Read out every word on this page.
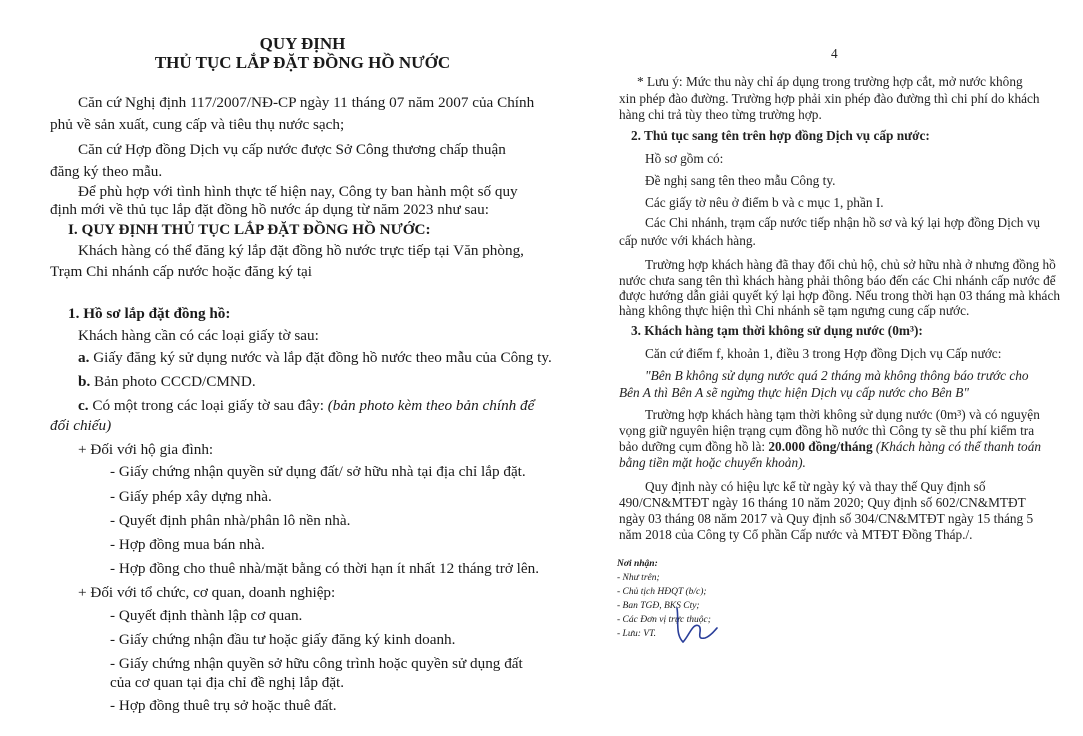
QUY ĐỊNH
THỦ TỤC LẮP ĐẶT ĐỒNG HỒ NƯỚC
Căn cứ Nghị định 117/2007/NĐ-CP ngày 11 tháng 07 năm 2007 của Chính
phủ về sản xuất, cung cấp và tiêu thụ nước sạch;
Căn cứ Hợp đồng Dịch vụ cấp nước được Sở Công thương chấp thuận
đăng ký theo mẫu.
Để phù hợp với tình hình thực tế hiện nay, Công ty ban hành một số quy
định mới về thủ tục lắp đặt đồng hồ nước áp dụng từ năm 2023 như sau:
I. QUY ĐỊNH THỦ TỤC LẮP ĐẶT ĐỒNG HỒ NƯỚC:
Khách hàng có thể đăng ký lắp đặt đồng hồ nước trực tiếp tại Văn phòng,
Trạm Chi nhánh cấp nước hoặc đăng ký tại
1. Hồ sơ lắp đặt đồng hồ:
Khách hàng cần có các loại giấy tờ sau:
a. Giấy đăng ký sử dụng nước và lắp đặt đồng hồ nước theo mẫu của Công ty.
b. Bản photo CCCD/CMND.
c. Có một trong các loại giấy tờ sau đây: (bản photo kèm theo bản chính để
đối chiếu)
+ Đối với hộ gia đình:
- Giấy chứng nhận quyền sử dụng đất/ sở hữu nhà tại địa chỉ lắp đặt.
- Giấy phép xây dựng nhà.
- Quyết định phân nhà/phân lô nền nhà.
- Hợp đồng mua bán nhà.
- Hợp đồng cho thuê nhà/mặt bằng có thời hạn ít nhất 12 tháng trở lên.
+ Đối với tổ chức, cơ quan, doanh nghiệp:
- Quyết định thành lập cơ quan.
- Giấy chứng nhận đầu tư hoặc giấy đăng ký kinh doanh.
- Giấy chứng nhận quyền sở hữu công trình hoặc quyền sử dụng đất
của cơ quan tại địa chỉ đề nghị lắp đặt.
- Hợp đồng thuê trụ sở hoặc thuê đất.
4
* Lưu ý: Mức thu này chỉ áp dụng trong trường hợp cắt, mở nước không
xin phép đào đường. Trường hợp phải xin phép đào đường thì chi phí do khách
hàng chi trả tùy theo từng trường hợp.
2. Thủ tục sang tên trên hợp đồng Dịch vụ cấp nước:
Hồ sơ gồm có:
Đề nghị sang tên theo mẫu Công ty.
Các giấy tờ nêu ở điểm b và c mục 1, phần I.
Các Chi nhánh, trạm cấp nước tiếp nhận hồ sơ và ký lại hợp đồng Dịch vụ
cấp nước với khách hàng.
Trường hợp khách hàng đã thay đổi chủ hộ, chủ sở hữu nhà ở nhưng đồng hồ
nước chưa sang tên thì khách hàng phải thông báo đến các Chi nhánh cấp nước để
được hướng dẫn giải quyết ký lại hợp đồng. Nếu trong thời hạn 03 tháng mà khách
hàng không thực hiện thì Chi nhánh sẽ tạm ngưng cung cấp nước.
3. Khách hàng tạm thời không sử dụng nước (0m³):
Căn cứ điểm f, khoản 1, điều 3 trong Hợp đồng Dịch vụ Cấp nước:
"Bên B không sử dụng nước quá 2 tháng mà không thông báo trước cho
Bên A thì Bên A sẽ ngừng thực hiện Dịch vụ cấp nước cho Bên B"
Trường hợp khách hàng tạm thời không sử dụng nước (0m³) và có nguyện
vọng giữ nguyên hiện trạng cụm đồng hồ nước thì Công ty sẽ thu phí kiểm tra
bảo dưỡng cụm đồng hồ là: 20.000 đồng/tháng (Khách hàng có thể thanh toán
bằng tiền mặt hoặc chuyển khoản).
Quy định này có hiệu lực kể từ ngày ký và thay thế Quy định số
490/CN&MTĐT ngày 16 tháng 10 năm 2020; Quy định số 602/CN&MTĐT
ngày 03 tháng 08 năm 2017 và Quy định số 304/CN&MTĐT ngày 15 tháng 5
năm 2018 của Công ty Cổ phần Cấp nước và MTĐT Đồng Tháp./.
Nơi nhận:
- Như trên;
- Chủ tịch HĐQT (b/c);
- Ban TGĐ, BKS Cty;
- Các Đơn vị trực thuộc;
- Lưu: VT.
